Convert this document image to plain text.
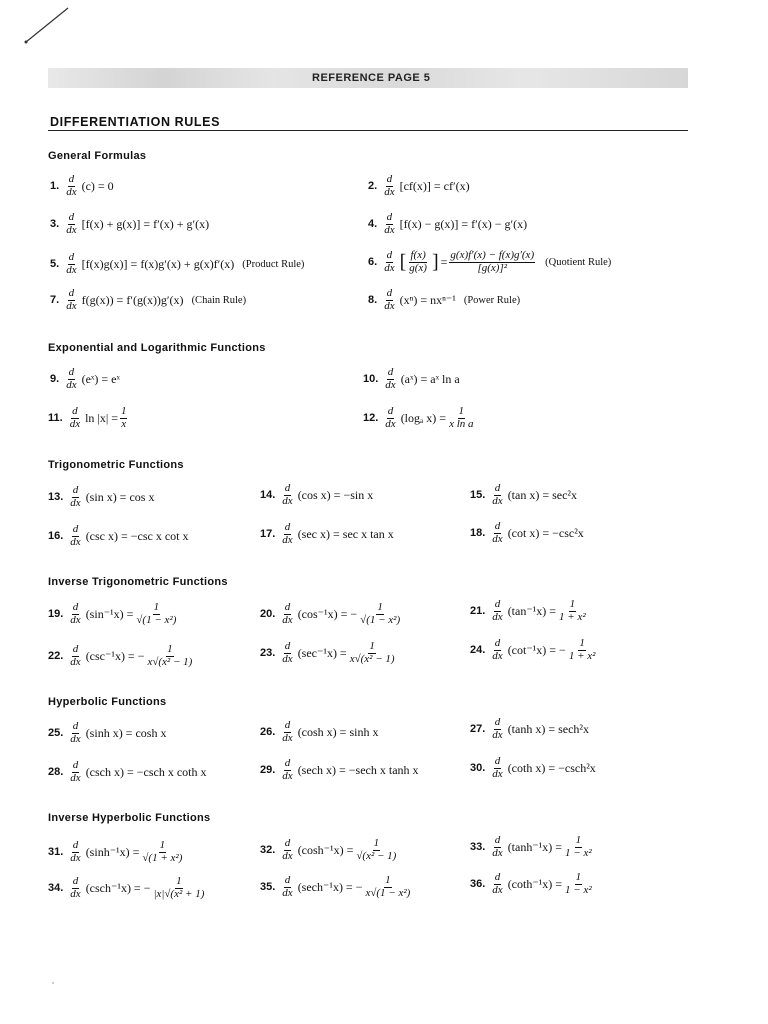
REFERENCE PAGE 5
DIFFERENTIATION RULES
General Formulas
Exponential and Logarithmic Functions
Trigonometric Functions
Inverse Trigonometric Functions
Hyperbolic Functions
Inverse Hyperbolic Functions
1. $\frac{d}{dx} (c) = 0$	2. $\frac{d}{dx} [cf(x)] = cf'(x)$
3. $\frac{d}{dx} [f(x) + g(x)] = f'(x) + g'(x)$	4. $\frac{d}{dx} [f(x) - g(x)] = f'(x) - g'(x)$
5. $\frac{d}{dx} [f(x)g(x)] = f(x)g'(x) + g(x)f'(x)$ (Product Rule)	6. $\frac{d}{dx}$ [ $\frac{f(x)}{g(x)}$ ] = $\frac{g(x)f'(x) - f(x)g'(x)}{\text{[g(x)]²}}$ (Quotient Rule)
7. $\frac{d}{dx} f(g(x)) = f'(g(x))g'(x)$ (Chain Rule)	8. $\frac{d}{dx} (x^n) = nx^{n-1}$ (Power Rule)
9. $\frac{d}{dx}$ (eˣ) = eˣ	10. $\frac{d}{dx}$ (aˣ) = aˣ ln a
11. $\frac{d}{dx}$ $\ln |x| = \frac{1}{x}$	12. $\frac{d}{dx} (\log_a$ $x) = \frac{1}{\text{x ln a}}$
13. $\frac{d}{dx} (\sin$ x) = cos x	14. $\frac{d}{dx} (\cos$ x) = −sin x	15. $\frac{d}{dx} (\tan$ x) = sec²x
16. $\frac{d}{dx} (\csc$ x) = −csc x cot x	17. $\frac{d}{dx} (\sec$ x) = sec x tan x	18. $\frac{d}{dx} (\cot$ x) = −csc²x
19. $\frac{d}{dx} (\sin^{-1}x) = \frac{1}{\text{√(1 − x²)}}$	20. $\frac{d}{dx} (\cos^{-1}x)$ = − $\frac{1}{\text{√(1 − x²)}}$	21. $\frac{d}{dx} (\tan^{-1}x) = \frac{1}{\text{1 + x²}}$
22. $\frac{d}{dx} (\csc^{-1}x)$ = − $\frac{1}{\text{x√(x² − 1)}}$	23. $\frac{d}{dx} (\sec^{-1}x) = \frac{1}{\text{x√(x² − 1)}}$	24. $\frac{d}{dx} (\cot^{-1}x)$ = − $\frac{1}{\text{1 + x²}}$
25. $\frac{d}{dx} (\sinh$ x) = cosh x	26. $\frac{d}{dx} (\cosh$ x) = sinh x	27. $\frac{d}{dx} (\tanh$ x) = sech²x
28. $\frac{d}{dx} (\csc h$ x) = −csch x coth x	29. $\frac{d}{dx} (\sec h$ x) = −sech x tanh x	30. $\frac{d}{dx} (\cot h$ x) = −csch²x
31. $\frac{d}{dx} (\sinh^{-1}x) = \frac{1}{\text{√(1 + x²)}}$	32. $\frac{d}{dx} (\cosh^{-1}x) = \frac{1}{\text{√(x² − 1)}}$	33. $\frac{d}{dx} (\tanh^{-1}x) = \frac{1}{\text{1 − x²}}$
34. $\frac{d}{dx} (\csc h^{-1}x)$ = − $\frac{1}{\text{|x|√(x² + 1)}}$	35. $\frac{d}{dx} (\sec h^{-1}x)$ = − $\frac{1}{\text{x√(1 − x²)}}$	36. $\frac{d}{dx} (\cot h^{-1}x) = \frac{1}{\text{1 − x²}}$
